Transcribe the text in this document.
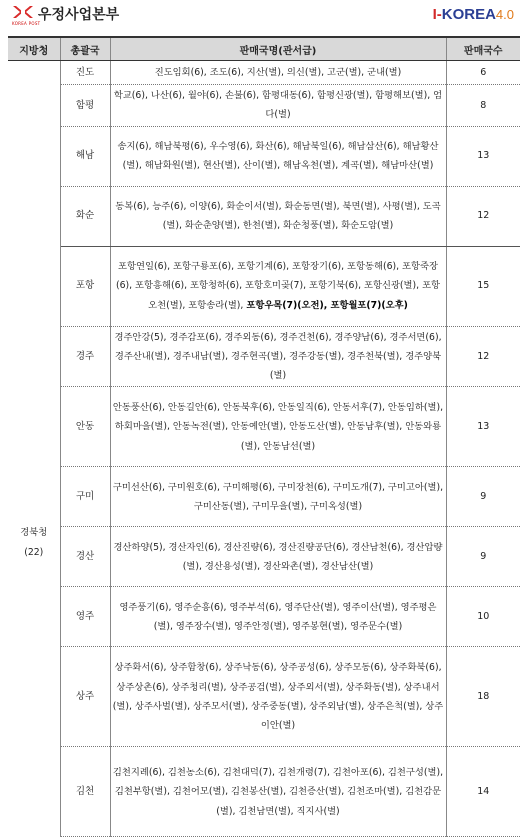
KOREA POST
우정사업본부	I-KOREA4.0
지방청	총괄국	판매국명(관서급)	판매국수
	진도	진도임회(6), 조도(6), 지산(별), 의신(별), 고군(별), 군내(별)	6
	함평	학교(6), 나산(6), 월야(6), 손불(6), 함평대동(6), 함평신광(별), 함평해보(별), 엄다(별)	8
	해남	송지(6), 해남북평(6), 우수영(6), 화산(6), 해남북일(6), 해남삼산(6), 해남황산(별), 해남화원(별), 현산(별), 산이(별), 해남옥천(별), 계곡(별), 해남마산(별)	13
	화순	동복(6), 능주(6), 이양(6), 화순이서(별), 화순동면(별), 북면(별), 사평(별), 도곡(별), 화순춘양(별), 한천(별), 화순청풍(별), 화순도암(별)	12

경북청
(22)	포항	포항연일(6), 포항구룡포(6), 포항기계(6), 포항장기(6), 포항동해(6), 포항죽장(6), 포항흥해(6), 포항청하(6), 포항호미곶(7), 포항기북(6), 포항신광(별), 포항오천(별), 포항송라(별), 포항우목(7)(오전), 포항월포(7)(오후)	15
	경주	경주안강(5), 경주감포(6), 경주외동(6), 경주건천(6), 경주양남(6), 경주서면(6), 경주산내(별), 경주내남(별), 경주현곡(별), 경주강동(별), 경주천북(별), 경주양북(별)	12
	안동	안동풍산(6), 안동길안(6), 안동북후(6), 안동일직(6), 안동서후(7), 안동임하(별), 하회마을(별), 안동녹전(별), 안동예안(별), 안동도산(별), 안동남후(별), 안동와룡(별), 안동남선(별)	13
	구미	구미선산(6), 구미원호(6), 구미해평(6), 구미장천(6), 구미도개(7), 구미고아(별), 구미산동(별), 구미무을(별), 구미옥성(별)	9
	경산	경산하양(5), 경산자인(6), 경산진량(6), 경산진량공단(6), 경산남천(6), 경산압량(별), 경산용성(별), 경산와촌(별), 경산남산(별)	9
	영주	영주풍기(6), 영주순흥(6), 영주부석(6), 영주단산(별), 영주이산(별), 영주평은(별), 영주장수(별), 영주안정(별), 영주봉현(별), 영주문수(별)	10
	상주	상주화서(6), 상주함창(6), 상주낙동(6), 상주공성(6), 상주모동(6), 상주화북(6), 상주상촌(6), 상주청리(별), 상주공검(별), 상주외서(별), 상주화동(별), 상주내서(별), 상주사벌(별), 상주모서(별), 상주중동(별), 상주외남(별), 상주은척(별), 상주이안(별)	18
	김천	김천지례(6), 김천농소(6), 김천대덕(7), 김천개령(7), 김천아포(6), 김천구성(별), 김천부항(별), 김천어모(별), 김천봉산(별), 김천증산(별), 김천조마(별), 김천감문(별), 김천남면(별), 직지사(별)	14
